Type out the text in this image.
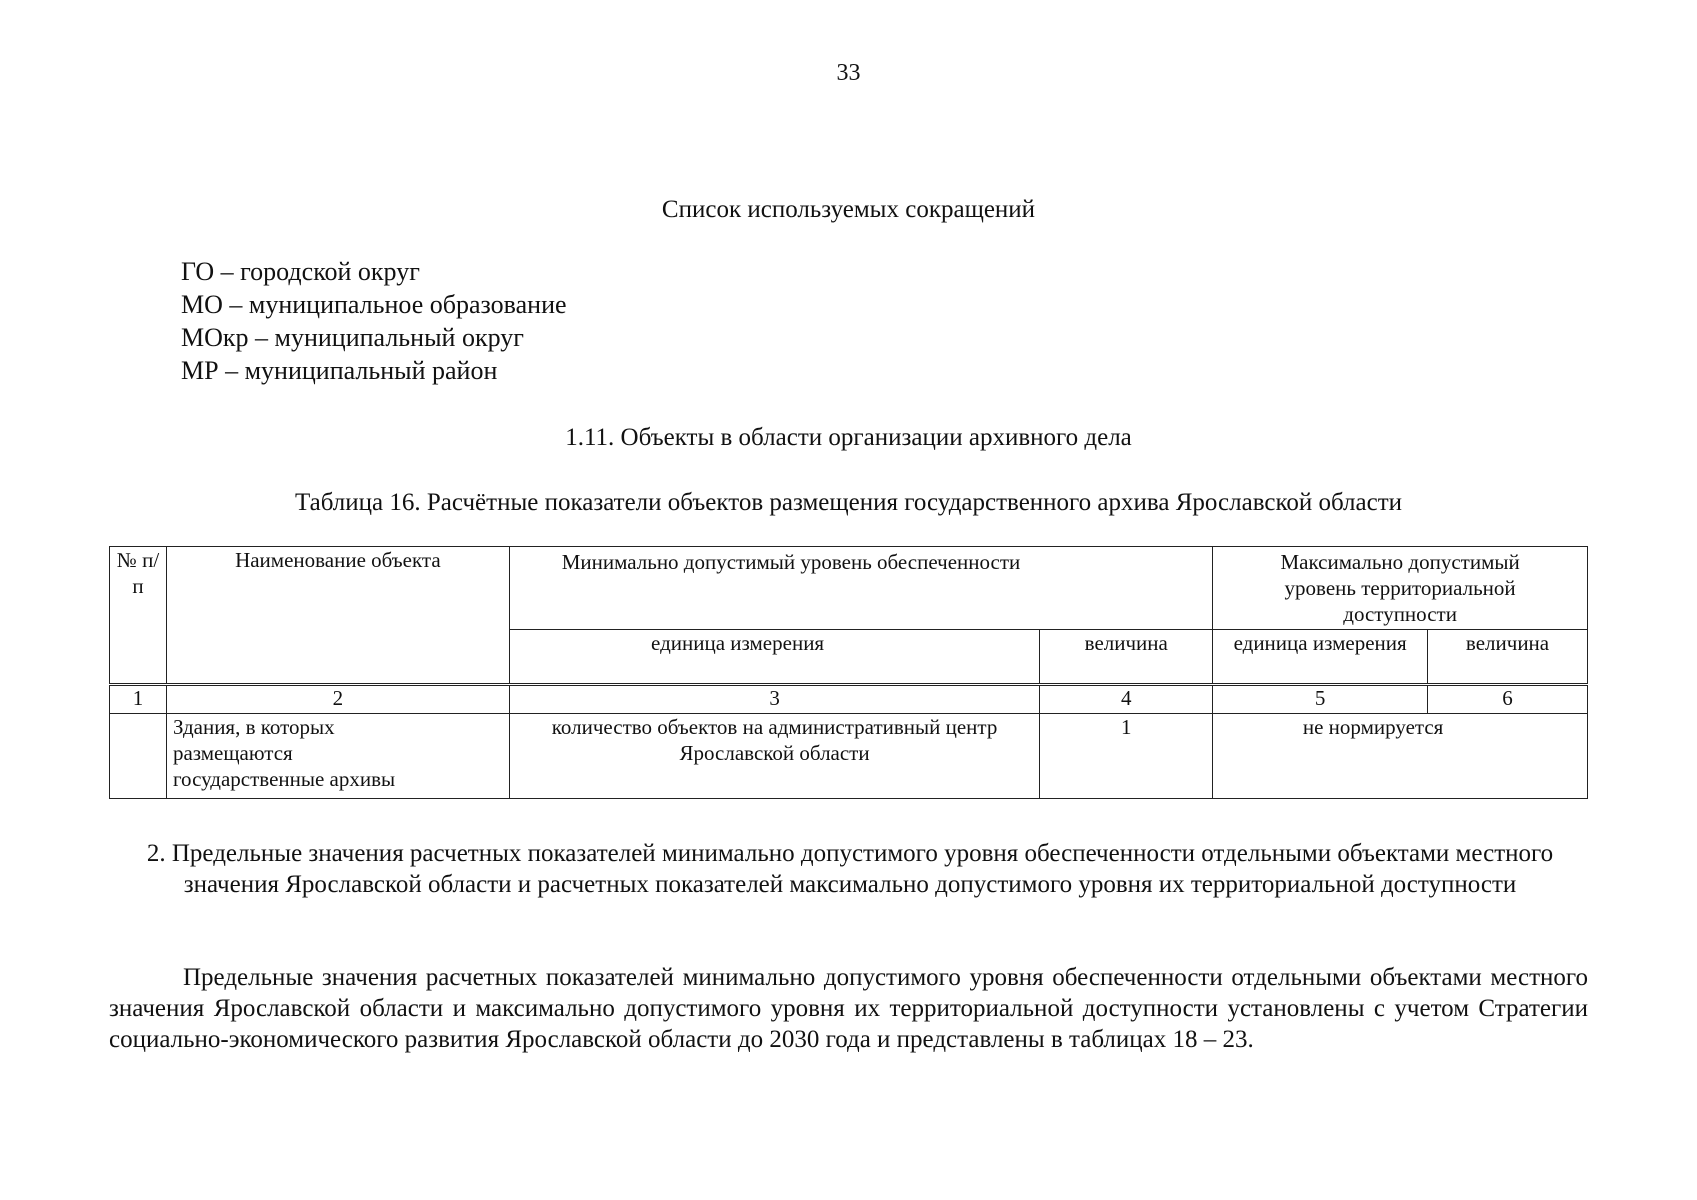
33
Список используемых сокращений
ГО – городской округ
МО – муниципальное образование
МОкр – муниципальный округ
МР – муниципальный район
1.11. Объекты в области организации архивного дела
Таблица 16. Расчётные показатели объектов размещения государственного архива Ярославской области
№ п/п	Наименование объекта	Минимально допустимый уровень обеспеченности		Максимально допустимый уровень территориальной доступности	
		единица измерения	величина	единица измерения	величина
1	2	3	4	5	6
	Здания, в которых размещаются государственные архивы	количество объектов на административный центр Ярославской области	1	не нормируется	
2. Предельные значения расчетных показателей минимально допустимого уровня обеспеченности отдельными объектами местного значения Ярославской области и расчетных показателей максимально допустимого уровня их территориальной доступности
Предельные значения расчетных показателей минимально допустимого уровня обеспеченности отдельными объектами местного значения Ярославской области и максимально допустимого уровня их территориальной доступности установлены с учетом Стратегии социально-экономического развития Ярославской области до 2030 года и представлены в таблицах 18 – 23.
